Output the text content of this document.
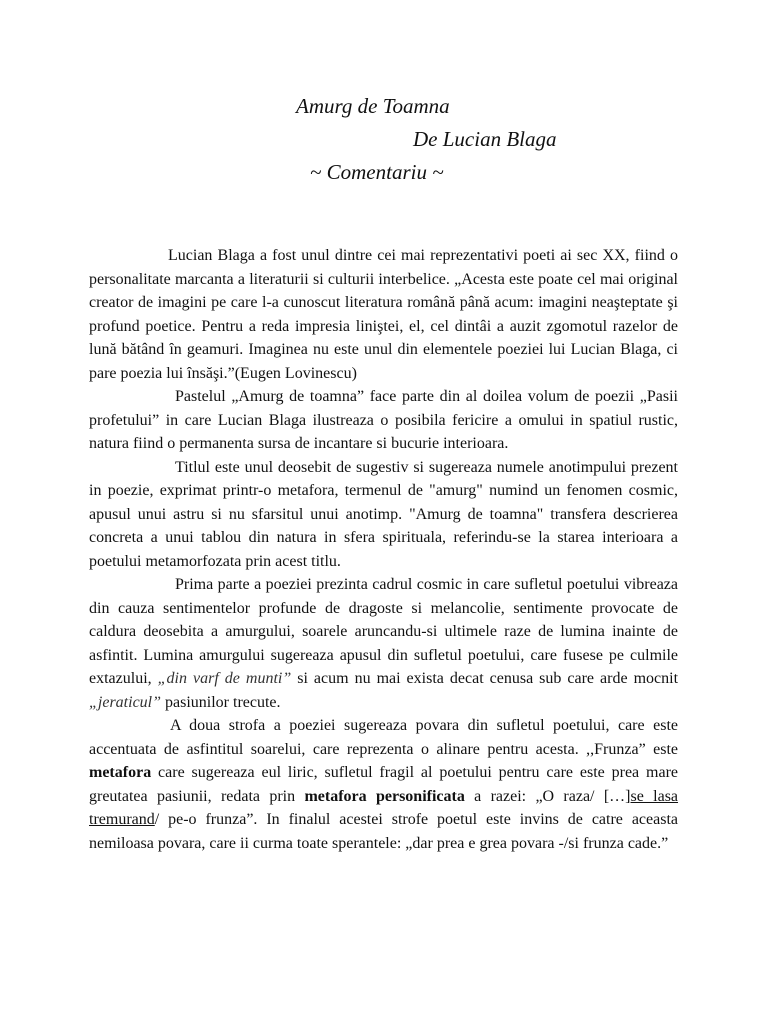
Amurg de Toamna
De Lucian Blaga
~ Comentariu ~

Lucian Blaga a fost unul dintre cei mai reprezentativi poeti ai sec XX, fiind o personalitate marcanta a literaturii si culturii interbelice. „Acesta este poate cel mai original creator de imagini pe care l-a cunoscut literatura română până acum: imagini neaşteptate şi profund poetice. Pentru a reda impresia liniştei, el, cel dintâi a auzit zgomotul razelor de lună bătând în geamuri. Imaginea nu este unul din elementele poeziei lui Lucian Blaga, ci pare poezia lui însăşi.”(Eugen Lovinescu)

Pastelul „Amurg de toamna” face parte din al doilea volum de poezii „Pasii profetului” in care Lucian Blaga ilustreaza o posibila fericire a omului in spatiul rustic, natura fiind o permanenta sursa de incantare si bucurie interioara.

Titlul este unul deosebit de sugestiv si sugereaza numele anotimpului prezent in poezie, exprimat printr-o metafora, termenul de "amurg" numind un fenomen cosmic, apusul unui astru si nu sfarsitul unui anotimp. "Amurg de toamna" transfera descrierea concreta a unui tablou din natura in sfera spirituala, referindu-se la starea interioara a poetului metamorfozata prin acest titlu.

Prima parte a poeziei prezinta cadrul cosmic in care sufletul poetului vibreaza din cauza sentimentelor profunde de dragoste si melancolie, sentimente provocate de caldura deosebita a amurgului, soarele aruncandu-si ultimele raze de lumina inainte de asfintit. Lumina amurgului sugereaza apusul din sufletul poetului, care fusese pe culmile extazului, „din varf de munti” si acum nu mai exista decat cenusa sub care arde mocnit „jeraticul” pasiunilor trecute.

A doua strofa a poeziei sugereaza povara din sufletul poetului, care este accentuata de asfintitul soarelui, care reprezenta o alinare pentru acesta. ,,Frunza” este metafora care sugereaza eul liric, sufletul fragil al poetului pentru care este prea mare greutatea pasiunii, redata prin metafora personificata a razei: „O raza/ […]se lasa tremurand/ pe-o frunza”. In finalul acestei strofe poetul este invins de catre aceasta nemiloasa povara, care ii curma toate sperantele: „dar prea e grea povara -/si frunza cade.”
